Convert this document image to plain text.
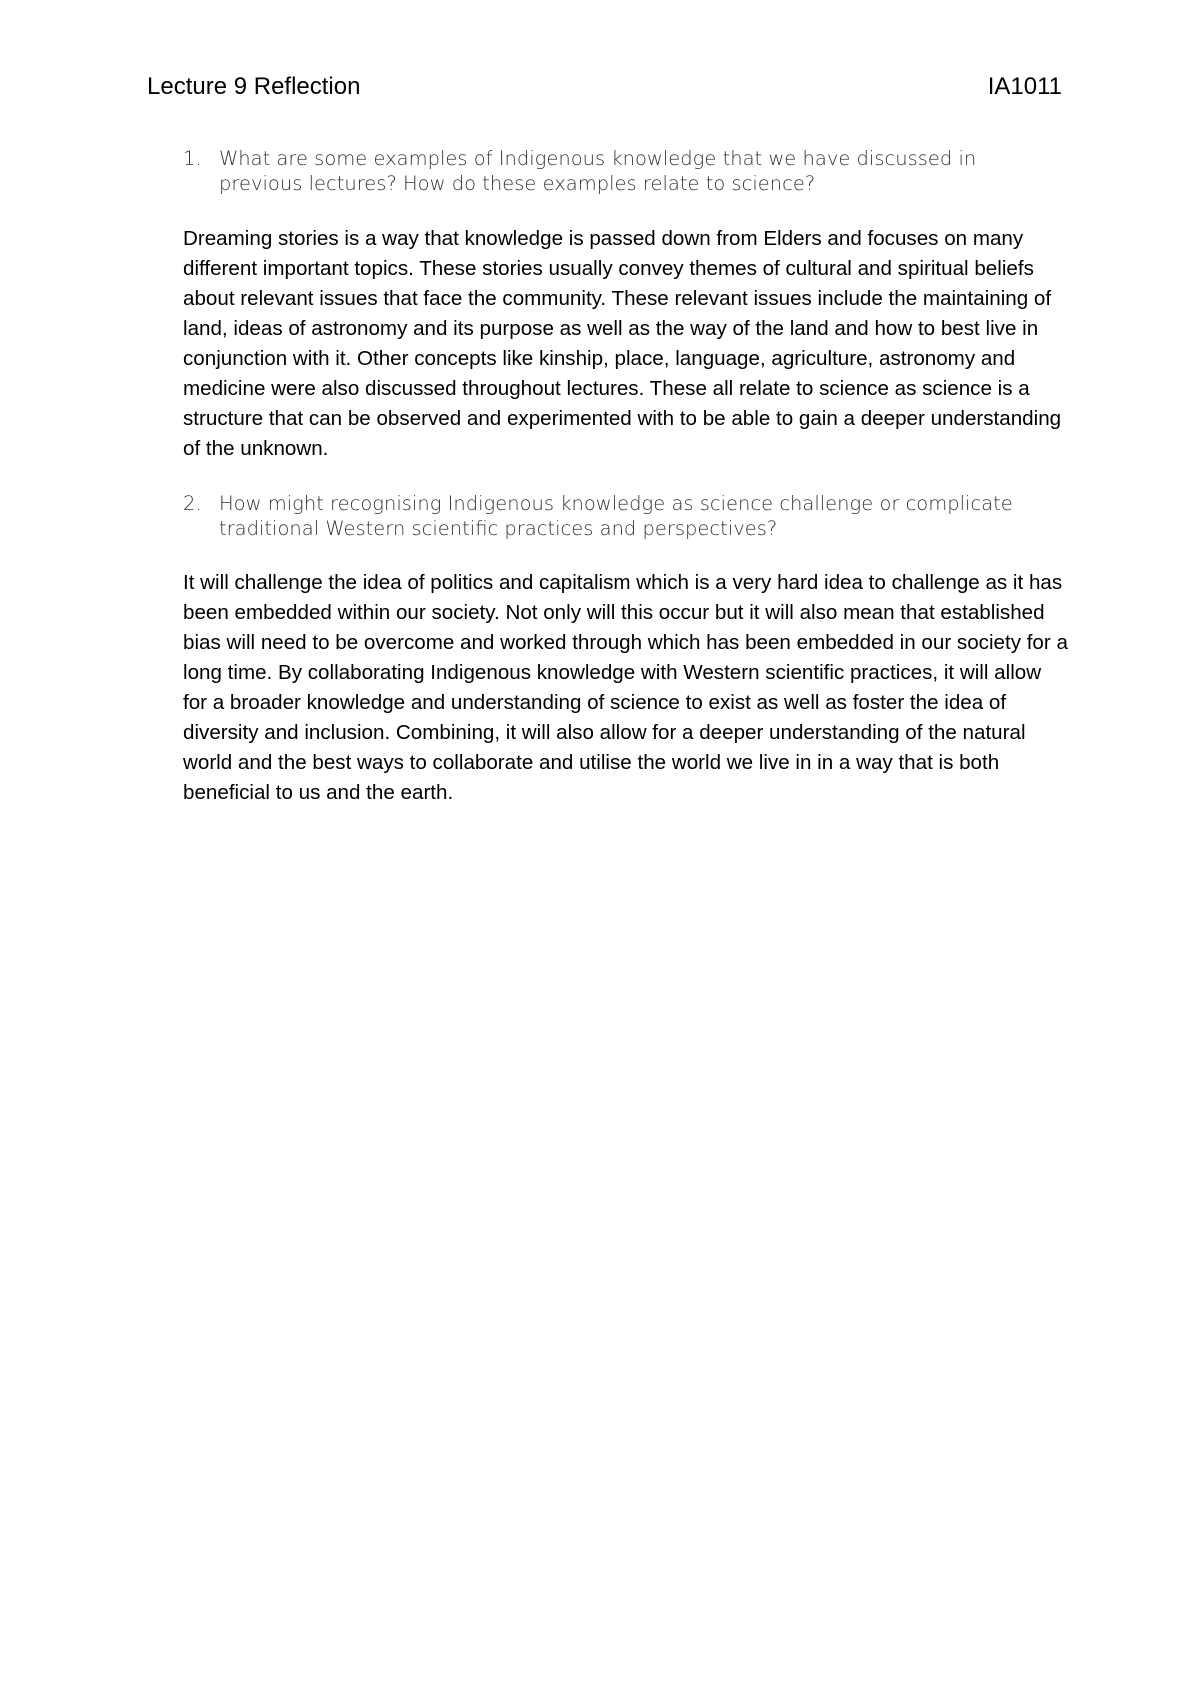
Lecture 9 Reflection	IA1011
1. What are some examples of Indigenous knowledge that we have discussed in previous lectures? How do these examples relate to science?
Dreaming stories is a way that knowledge is passed down from Elders and focuses on many different important topics. These stories usually convey themes of cultural and spiritual beliefs about relevant issues that face the community. These relevant issues include the maintaining of land, ideas of astronomy and its purpose as well as the way of the land and how to best live in conjunction with it. Other concepts like kinship, place, language, agriculture, astronomy and medicine were also discussed throughout lectures. These all relate to science as science is a structure that can be observed and experimented with to be able to gain a deeper understanding of the unknown.
2. How might recognising Indigenous knowledge as science challenge or complicate traditional Western scientific practices and perspectives?
It will challenge the idea of politics and capitalism which is a very hard idea to challenge as it has been embedded within our society. Not only will this occur but it will also mean that established bias will need to be overcome and worked through which has been embedded in our society for a long time. By collaborating Indigenous knowledge with Western scientific practices, it will allow for a broader knowledge and understanding of science to exist as well as foster the idea of diversity and inclusion. Combining, it will also allow for a deeper understanding of the natural world and the best ways to collaborate and utilise the world we live in in a way that is both beneficial to us and the earth.
